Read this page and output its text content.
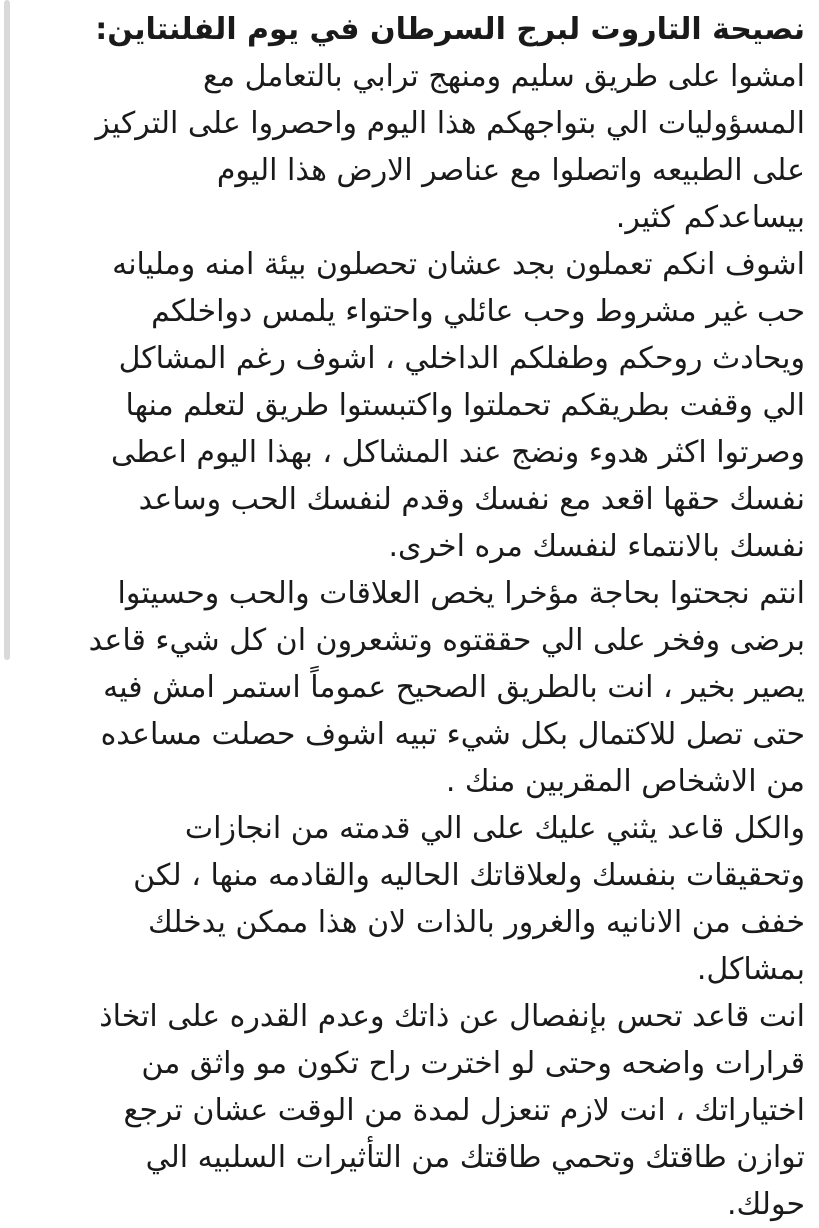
نصيحة التاروت لبرج السرطان في يوم الفلنتاين:
امشوا على طريق سليم ومنهج ترابي بالتعامل مع
المسؤوليات الي بتواجهكم هذا اليوم واحصروا على التركيز
على الطبيعه واتصلوا مع عناصر الارض هذا اليوم
بيساعدكم كثير.
اشوف انكم تعملون بجد عشان تحصلون بيئة امنه ومليانه
حب غير مشروط وحب عائلي واحتواء يلمس دواخلكم
ويحادث روحكم وطفلكم الداخلي ، اشوف رغم المشاكل
الي وقفت بطريقكم تحملتوا واكتبستوا طريق لتعلم منها
وصرتوا اكثر هدوء ونضج عند المشاكل ، بهذا اليوم اعطى
نفسك حقها اقعد مع نفسك وقدم لنفسك الحب وساعد
نفسك بالانتماء لنفسك مره اخرى.
انتم نجحتوا بحاجة مؤخرا يخص العلاقات والحب وحسيتوا
برضى وفخر على الي حققتوه وتشعرون ان كل شيء قاعد
يصير بخير ، انت بالطريق الصحيح عموماً استمر امش فيه
حتى تصل للاكتمال بكل شيء تبيه اشوف حصلت مساعده
من الاشخاص المقربين منك .
والكل قاعد يثني عليك على الي قدمته من انجازات
وتحقيقات بنفسك ولعلاقاتك الحاليه والقادمه منها ، لكن
خفف من الانانيه والغرور بالذات لان هذا ممكن يدخلك
بمشاكل.
انت قاعد تحس بإنفصال عن ذاتك وعدم القدره على اتخاذ
قرارات واضحه وحتى لو اخترت راح تكون مو واثق من
اختياراتك ، انت لازم تنعزل لمدة من الوقت عشان ترجع
توازن طاقتك وتحمي طاقتك من التأثيرات السلبيه الي
حولك.
